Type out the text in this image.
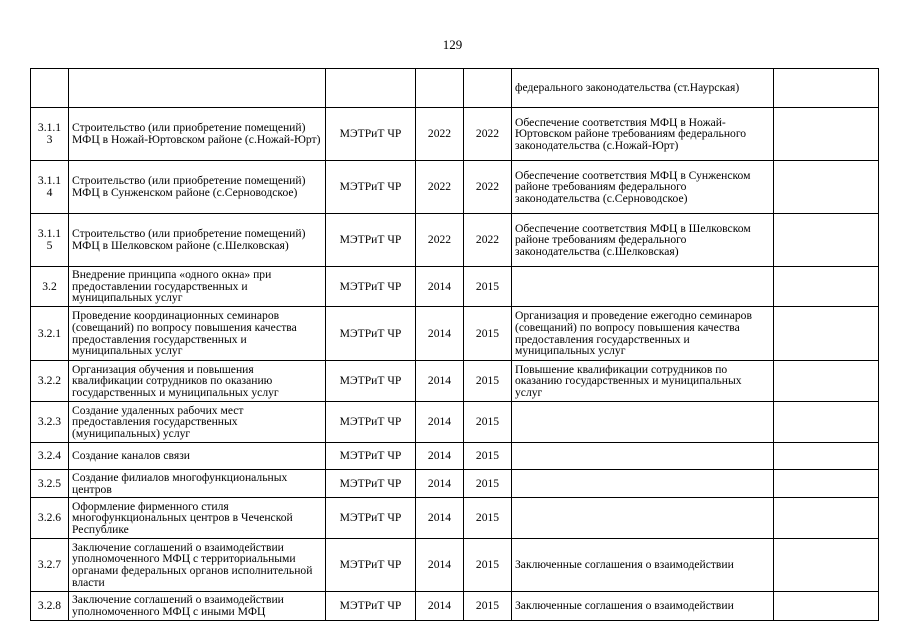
129
					федерального законодательства (ст.Наурская)	
3.1.1 3	Строительство (или приобретение помещений) МФЦ в Ножай-Юртовском районе (с.Ножай-Юрт)	МЭТРиТ ЧР	2022	2022	Обеспечение соответствия МФЦ в Ножай-Юртовском районе требованиям федерального законодательства (с.Ножай-Юрт)	
3.1.1 4	Строительство (или приобретение помещений) МФЦ в Сунженском районе (с.Серноводское)	МЭТРиТ ЧР	2022	2022	Обеспечение соответствия МФЦ в Сунженском районе требованиям федерального законодательства (с.Серноводское)	
3.1.1 5	Строительство (или приобретение помещений) МФЦ в Шелковском районе (с.Шелковская)	МЭТРиТ ЧР	2022	2022	Обеспечение соответствия МФЦ в Шелковском районе требованиям федерального законодательства (с.Шелковская)	
3.2	Внедрение принципа «одного окна» при предоставлении государственных и муниципальных услуг	МЭТРиТ ЧР	2014	2015		
3.2.1	Проведение координационных семинаров (совещаний) по вопросу повышения качества предоставления государственных и муниципальных услуг	МЭТРиТ ЧР	2014	2015	Организация и проведение ежегодно семинаров (совещаний) по вопросу повышения качества предоставления государственных и муниципальных услуг	
3.2.2	Организация обучения и повышения квалификации сотрудников по оказанию государственных и муниципальных услуг	МЭТРиТ ЧР	2014	2015	Повышение квалификации сотрудников по оказанию государственных и муниципальных услуг	
3.2.3	Создание удаленных рабочих мест предоставления государственных (муниципальных) услуг	МЭТРиТ ЧР	2014	2015		
3.2.4	Создание каналов связи	МЭТРиТ ЧР	2014	2015		
3.2.5	Создание филиалов многофункциональных центров	МЭТРиТ ЧР	2014	2015		
3.2.6	Оформление фирменного стиля многофункциональных центров в Чеченской Республике	МЭТРиТ ЧР	2014	2015		
3.2.7	Заключение соглашений о взаимодействии уполномоченного МФЦ с территориальными органами федеральных органов исполнительной власти	МЭТРиТ ЧР	2014	2015	Заключенные соглашения о взаимодействии	
3.2.8	Заключение соглашений о взаимодействии уполномоченного МФЦ с иными МФЦ	МЭТРиТ ЧР	2014	2015	Заключенные соглашения о взаимодействии	
